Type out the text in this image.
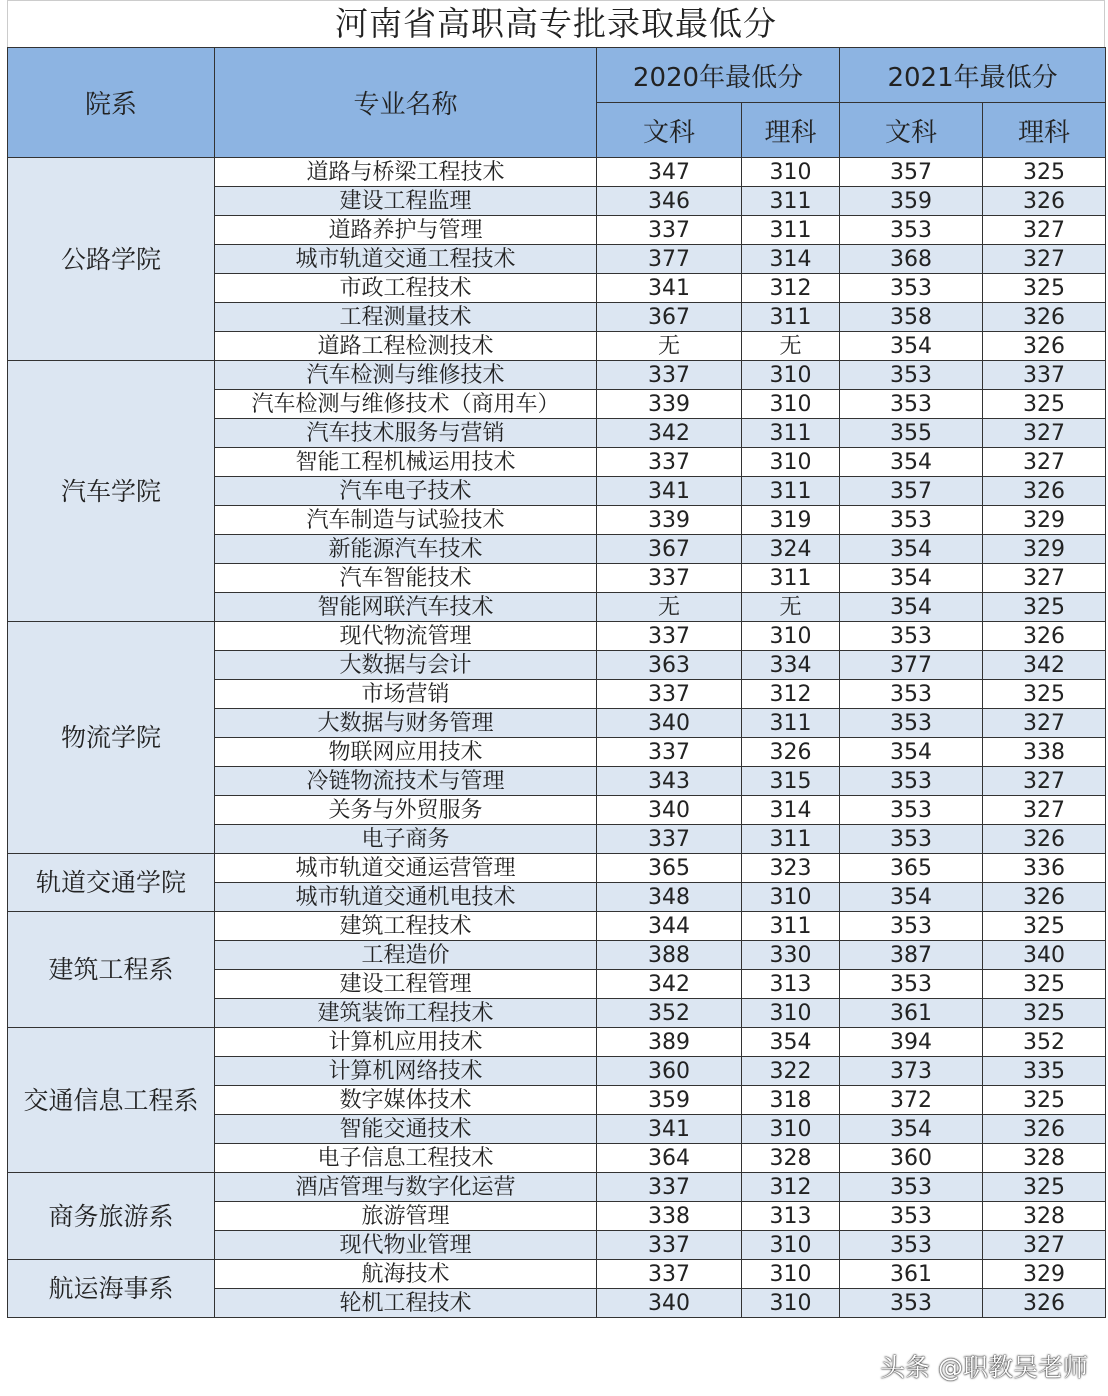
河南省高职高专批录取最低分
院系	专业名称	2020年最低分		2021年最低分	
		文科	理科	文科	理科
公路学院	道路与桥梁工程技术	347	310	357	325
	建设工程监理	346	311	359	326
	道路养护与管理	337	311	353	327
	城市轨道交通工程技术	377	314	368	327
	市政工程技术	341	312	353	325
	工程测量技术	367	311	358	326
	道路工程检测技术	无	无	354	326
汽车学院	汽车检测与维修技术	337	310	353	337
	汽车检测与维修技术（商用车）	339	310	353	325
	汽车技术服务与营销	342	311	355	327
	智能工程机械运用技术	337	310	354	327
	汽车电子技术	341	311	357	326
	汽车制造与试验技术	339	319	353	329
	新能源汽车技术	367	324	354	329
	汽车智能技术	337	311	354	327
	智能网联汽车技术	无	无	354	325
物流学院	现代物流管理	337	310	353	326
	大数据与会计	363	334	377	342
	市场营销	337	312	353	325
	大数据与财务管理	340	311	353	327
	物联网应用技术	337	326	354	338
	冷链物流技术与管理	343	315	353	327
	关务与外贸服务	340	314	353	327
	电子商务	337	311	353	326
轨道交通学院	城市轨道交通运营管理	365	323	365	336
	城市轨道交通机电技术	348	310	354	326
建筑工程系	建筑工程技术	344	311	353	325
	工程造价	388	330	387	340
	建设工程管理	342	313	353	325
	建筑装饰工程技术	352	310	361	325
交通信息工程系	计算机应用技术	389	354	394	352
	计算机网络技术	360	322	373	335
	数字媒体技术	359	318	372	325
	智能交通技术	341	310	354	326
	电子信息工程技术	364	328	360	328
商务旅游系	酒店管理与数字化运营	337	312	353	325
	旅游管理	338	313	353	328
	现代物业管理	337	310	353	327
航运海事系	航海技术	337	310	361	329
	轮机工程技术	340	310	353	326
头条 @职教吴老师
